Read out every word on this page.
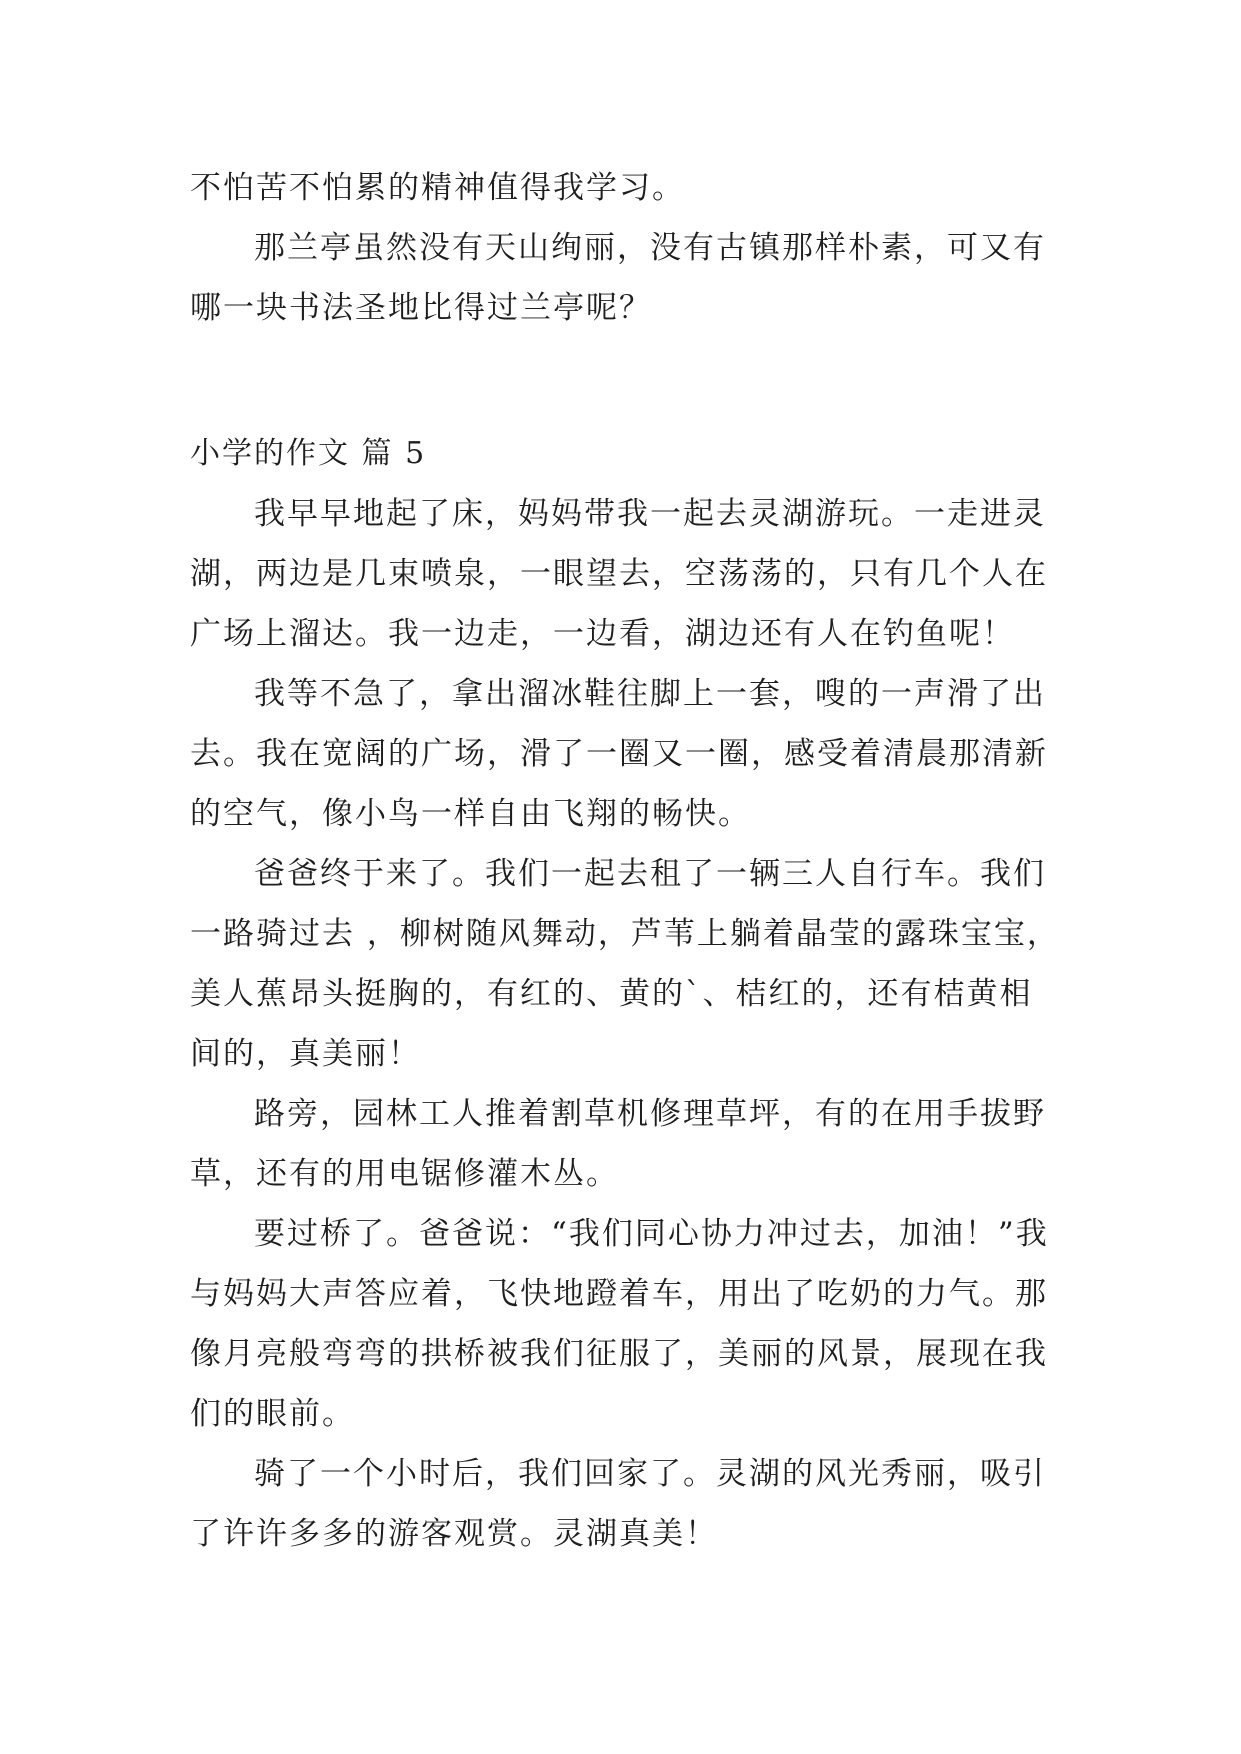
不怕苦不怕累的精神值得我学习。
那兰亭虽然没有天山绚丽，没有古镇那样朴素，可又有
哪一块书法圣地比得过兰亭呢？
小学的作文 篇 5
我早早地起了床，妈妈带我一起去灵湖游玩。一走进灵
湖，两边是几束喷泉，一眼望去，空荡荡的，只有几个人在
广场上溜达。我一边走，一边看，湖边还有人在钓鱼呢！
我等不急了，拿出溜冰鞋往脚上一套，嗖的一声滑了出
去。我在宽阔的广场，滑了一圈又一圈，感受着清晨那清新
的空气，像小鸟一样自由飞翔的畅快。
爸爸终于来了。我们一起去租了一辆三人自行车。我们
一路骑过去 ，柳树随风舞动，芦苇上躺着晶莹的露珠宝宝，
美人蕉昂头挺胸的，有红的、黄的`、桔红的，还有桔黄相
间的，真美丽！
路旁，园林工人推着割草机修理草坪，有的在用手拔野
草，还有的用电锯修灌木丛。
要过桥了。爸爸说：“我们同心协力冲过去，加油！”我
与妈妈大声答应着，飞快地蹬着车，用出了吃奶的力气。那
像月亮般弯弯的拱桥被我们征服了，美丽的风景，展现在我
们的眼前。
骑了一个小时后，我们回家了。灵湖的风光秀丽，吸引
了许许多多的游客观赏。灵湖真美！
